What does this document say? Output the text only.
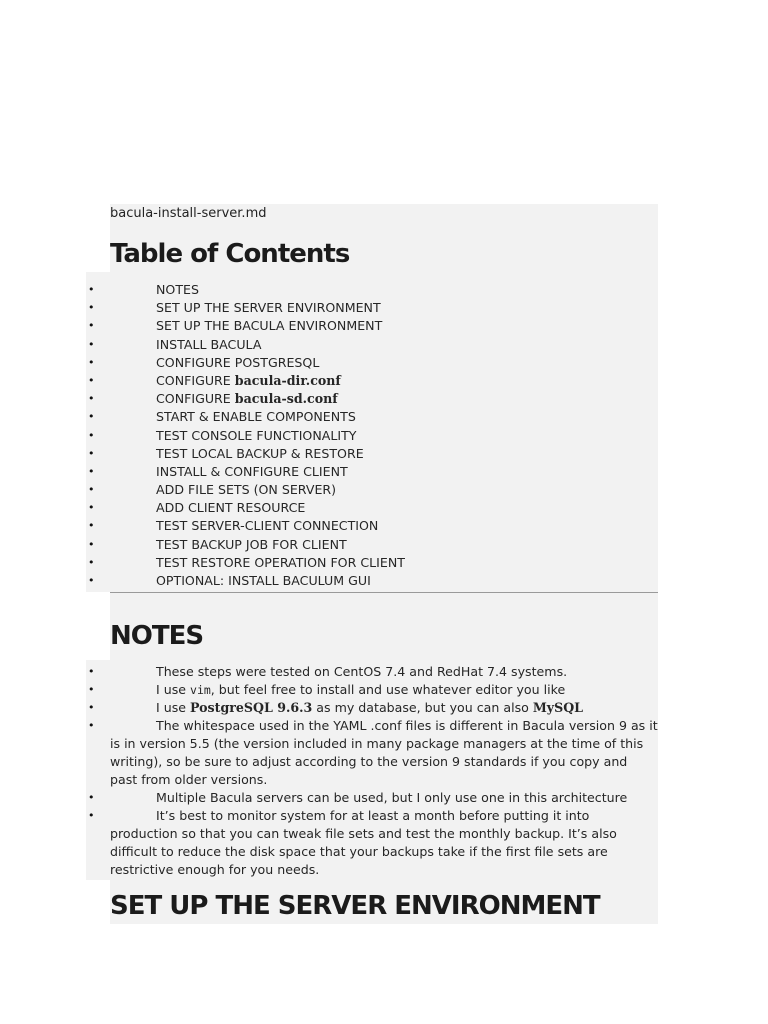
bacula-install-server.md
Table of Contents
•	NOTES
•	SET UP THE SERVER ENVIRONMENT
•	SET UP THE BACULA ENVIRONMENT
•	INSTALL BACULA
•	CONFIGURE POSTGRESQL
•	CONFIGURE bacula-dir.conf
•	CONFIGURE bacula-sd.conf
•	START & ENABLE COMPONENTS
•	TEST CONSOLE FUNCTIONALITY
•	TEST LOCAL BACKUP & RESTORE
•	INSTALL & CONFIGURE CLIENT
•	ADD FILE SETS (ON SERVER)
•	ADD CLIENT RESOURCE
•	TEST SERVER-CLIENT CONNECTION
•	TEST BACKUP JOB FOR CLIENT
•	TEST RESTORE OPERATION FOR CLIENT
•	OPTIONAL: INSTALL BACULUM GUI
NOTES
•	These steps were tested on CentOS 7.4 and RedHat 7.4 systems.
•	I use vim, but feel free to install and use whatever editor you like
•	I use PostgreSQL 9.6.3 as my database, but you can also MySQL
•	The whitespace used in the YAML .conf files is different in Bacula version 9 as it is in version 5.5 (the version included in many package managers at the time of this writing), so be sure to adjust according to the version 9 standards if you copy and past from older versions.
•	Multiple Bacula servers can be used, but I only use one in this architecture
•	It’s best to monitor system for at least a month before putting it into production so that you can tweak file sets and test the monthly backup. It’s also difficult to reduce the disk space that your backups take if the first file sets are restrictive enough for you needs.
SET UP THE SERVER ENVIRONMENT
